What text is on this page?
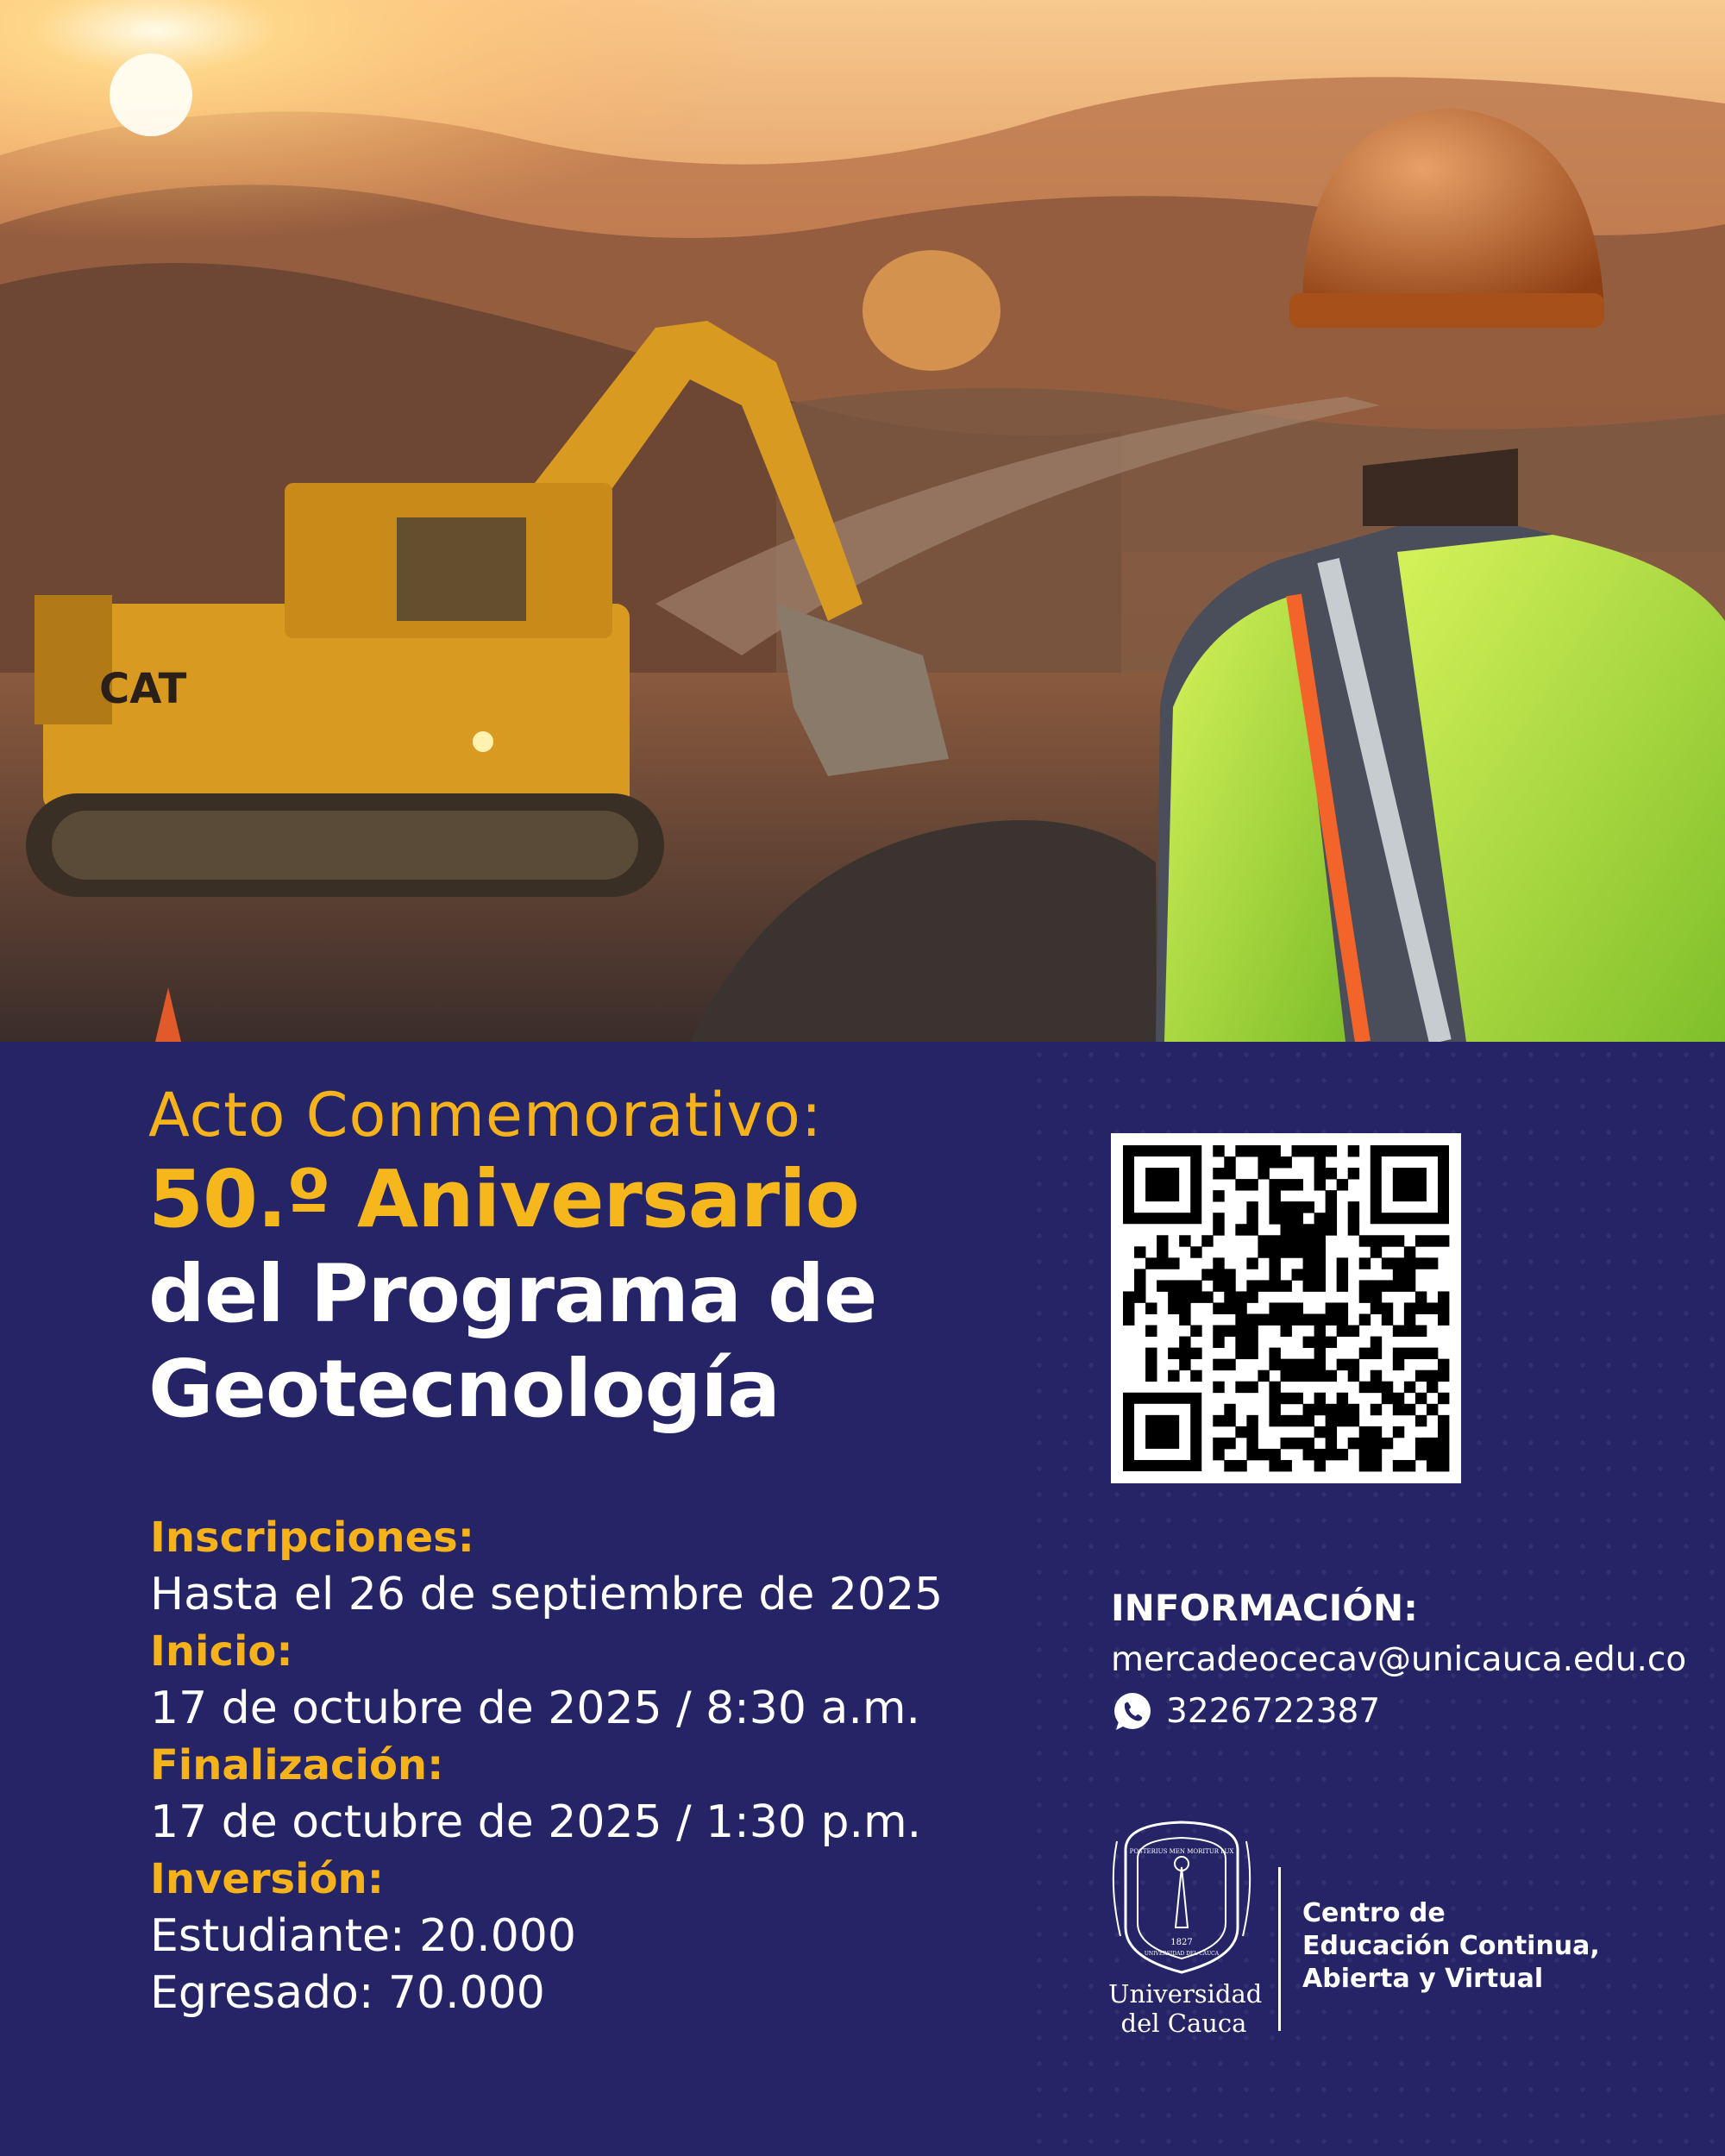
CAT
Acto Conmemorativo:
50.º Aniversario
del Programa de
Geotecnología
Inscripciones:
Hasta el 26 de septiembre de 2025
Inicio:
17 de octubre de 2025 / 8:30 a.m.
Finalización:
17 de octubre de 2025 / 1:30 p.m.
Inversión:
Estudiante: 20.000
Egresado: 70.000
INFORMACIÓN:
mercadeocecav@unicauca.edu.co
3226722387
POSTERIUS MEN MORITUR LUX
1827
UNIVERSIDAD DEL CAUCA
Universidad
del Cauca
Centro de
Educación Continua,
Abierta y Virtual
